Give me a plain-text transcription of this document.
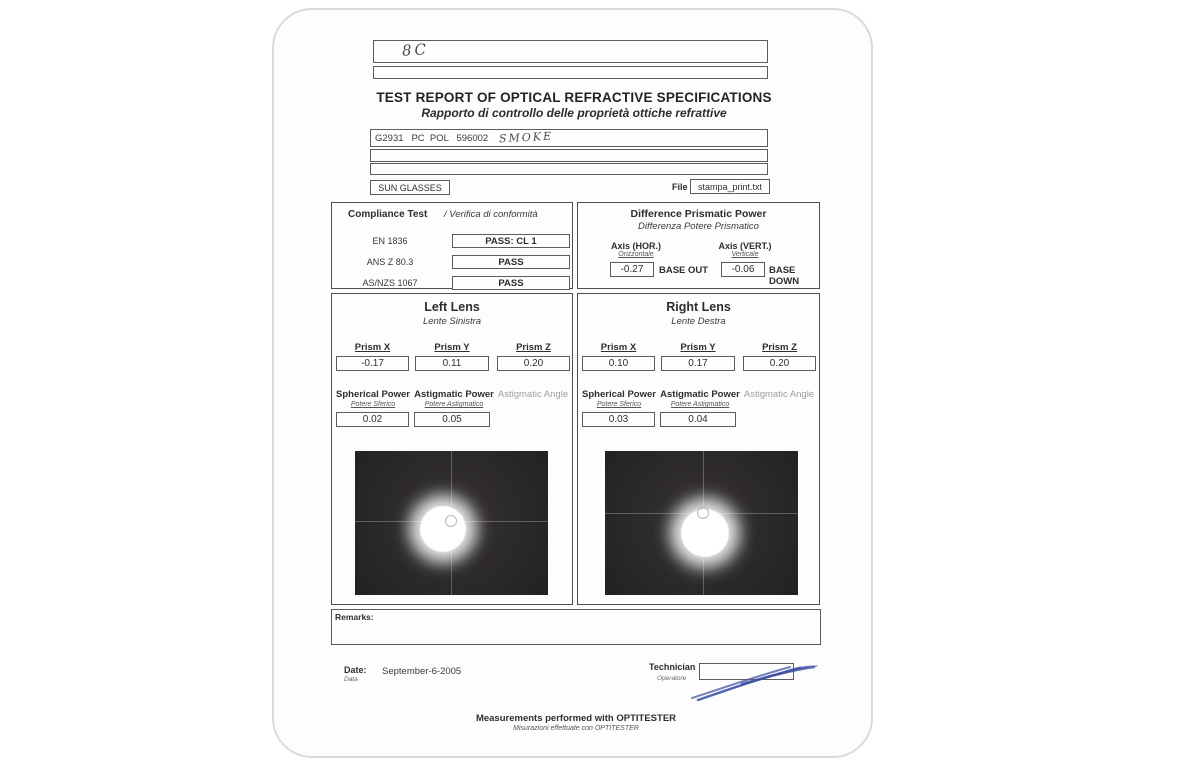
8C
TEST REPORT OF OPTICAL REFRACTIVE SPECIFICATIONS
Rapporto di controllo delle proprietà ottiche refrattive
G2931   PC  POL   596002 SMOKE
SUN GLASSES	File	stampa_print.txt
Compliance Test / Verifica di conformità
EN 1836	PASS: CL 1
ANS Z 80.3	PASS
AS/NZS 1067	PASS
Difference Prismatic Power
Differenza Potere Prismatico
Axis (HOR.)
Orizzontale
-0.27	BASE OUT
Axis (VERT.)
Verticale
-0.06	BASE DOWN
Left Lens
Lente Sinistra
Prism X	Prism Y	Prism Z
-0.17	0.11	0.20
Spherical Power Astigmatic Power Astigmatic Angle
Potere Sferico	Potere Astigmatico
0.02	0.05
Right Lens
Lente Destra
Prism X	Prism Y	Prism Z
0.10	0.17	0.20
Spherical Power Astigmatic Power Astigmatic Angle
Potere Sferico	Potere Astigmatico
0.03	0.04
Remarks:
Date:
Data
September-6-2005	Technician
Operatore
Measurements performed with OPTITESTER
Misurazioni effettuate con OPTITESTER
